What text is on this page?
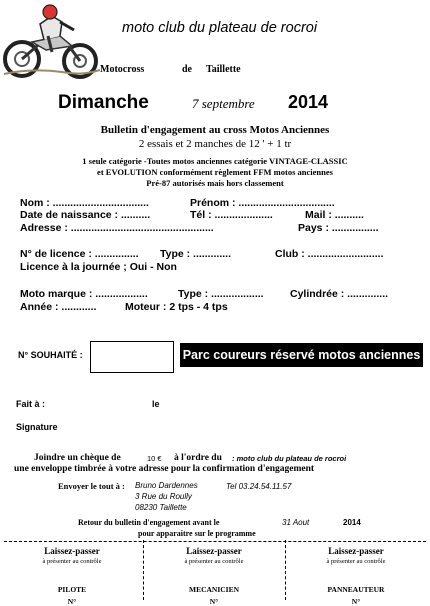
moto club du plateau de rocroi
Motocross	de Taillette
Dimanche	7 septembre 2014
Bulletin d'engagement au cross Motos Anciennes
2 essais et 2 manches de 12 ' + 1 tr
1 seule catégorie -Toutes motos anciennes catégorie VINTAGE-CLASSIC
et EVOLUTION conformément règlement FFM motos anciennes
Pré-87 autorisés mais hors classement
Nom : .................................	Prénom : .................................
Date de naissance : ..........	Tél : ....................	Mail : ..........
Adresse : .................................................	Pays : ................
N° de licence : ............... Type : .............	Club : ..........................
Licence à la journée ; Oui - Non
Moto marque : ..................	Type : ..................	Cylindrée : ..............
Année : ............	Moteur : 2 tps - 4 tps
N° SOUHAITÉ :	Parc coureurs réservé motos anciennes
Fait à :	le
Signature
Joindre un chèque de	10 € à l'ordre du : moto club du plateau de rocroi
une enveloppe timbrée à votre adresse pour la confirmation d'engagement
Envoyer le tout à : Bruno Dardennes
3 Rue du Roully
08230 Taillette
Tel 03.24.54.11.57
Retour du bulletin d'engagement avant le	31 Aout	2014
pour apparaitre sur le programme
Laissez-passer
à présenter au contrôle
PILOTE
N°
Laissez-passer
à présenter au contrôle
MECANICIEN
N°
Laissez-passer
à présenter au contrôle
PANNEAUTEUR
N°
